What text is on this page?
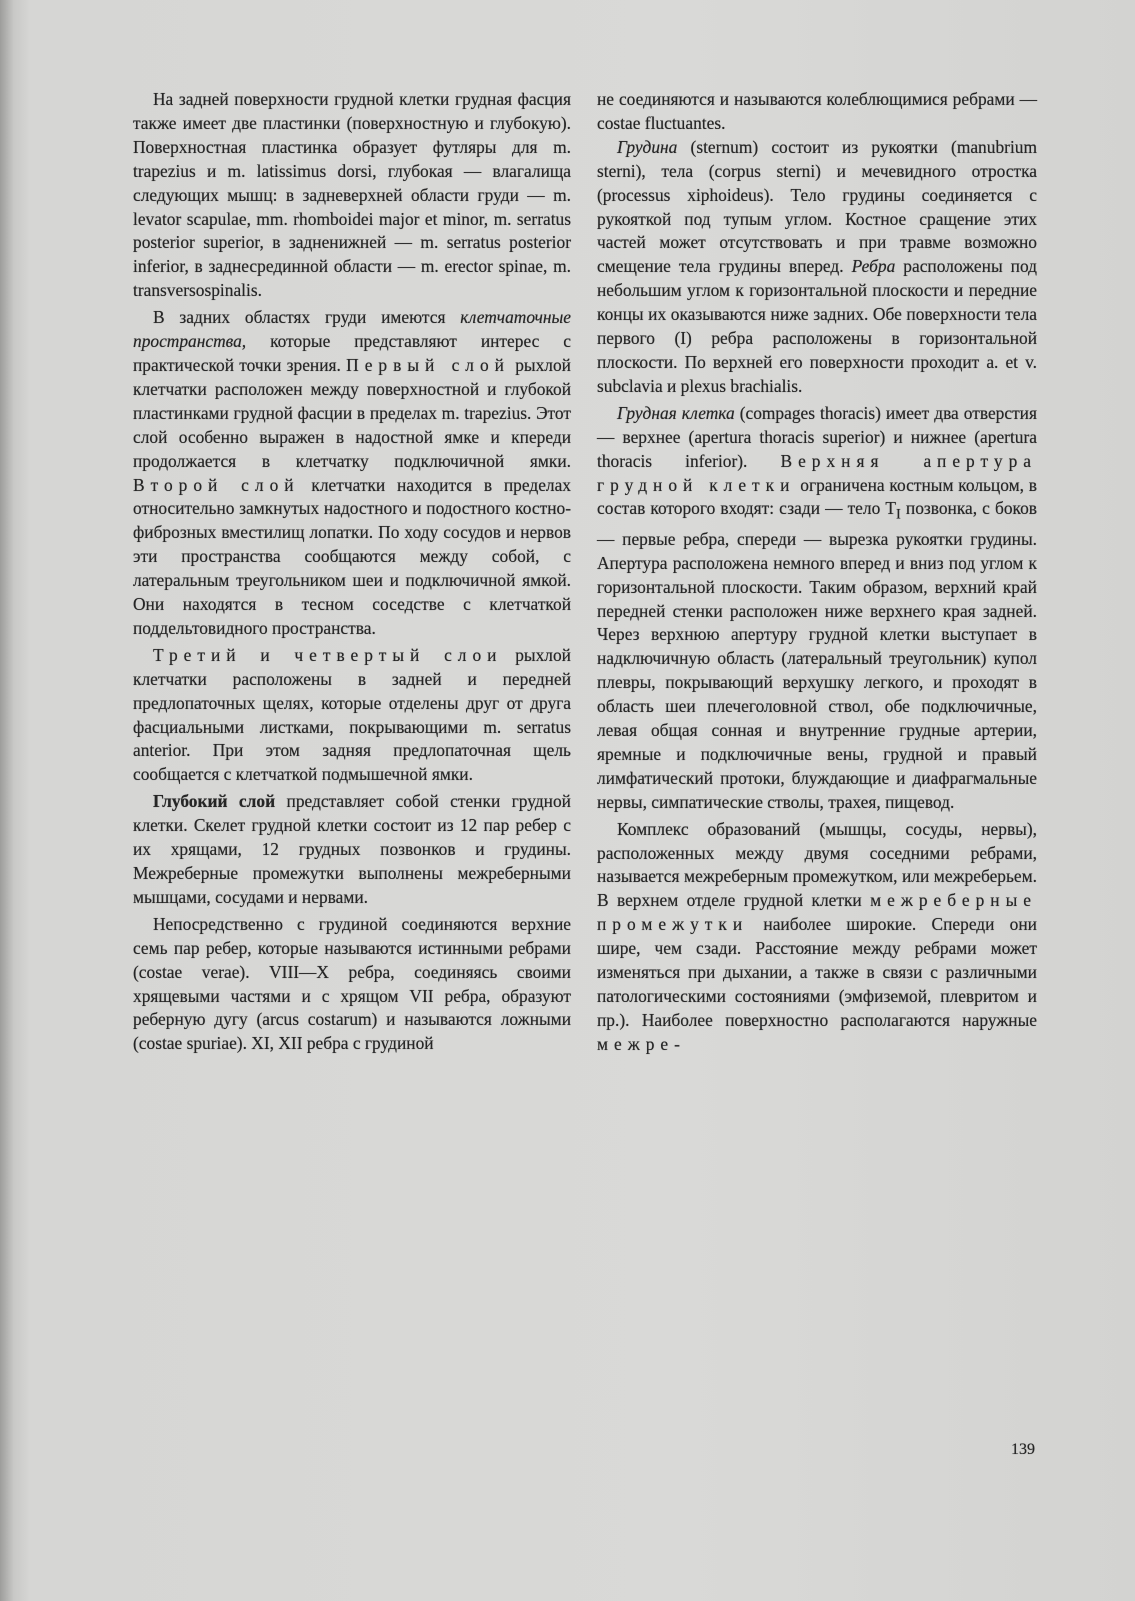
На задней поверхности грудной клетки грудная фасция также имеет две пластинки (поверхностную и глубокую). Поверхностная пластинка образует футляры для m. trapezius и m. latissimus dorsi, глубокая — влагалища следующих мышц: в задневерхней области груди — m. levator scapulae, mm. rhomboidei major et minor, m. serratus posterior superior, в задненижней — m. serratus posterior inferior, в заднесрединной области — m. erector spinae, m. transversospinalis.

В задних областях груди имеются клетчаточные пространства, которые представляют интерес с практической точки зрения. Первый слой рыхлой клетчатки расположен между поверхностной и глубокой пластинками грудной фасции в пределах m. trapezius. Этот слой особенно выражен в надостной ямке и кпереди продолжается в клетчатку подключичной ямки. Второй слой клетчатки находится в пределах относительно замкнутых надостного и подостного костно-фиброзных вместилищ лопатки. По ходу сосудов и нервов эти пространства сообщаются между собой, с латеральным треугольником шеи и подключичной ямкой. Они находятся в тесном соседстве с клетчаткой поддельтовидного пространства.

Третий и четвертый слои рыхлой клетчатки расположены в задней и передней предлопаточных щелях, которые отделены друг от друга фасциальными листками, покрывающими m. serratus anterior. При этом задняя предлопаточная щель сообщается с клетчаткой подмышечной ямки.

Глубокий слой представляет собой стенки грудной клетки. Скелет грудной клетки состоит из 12 пар ребер с их хрящами, 12 грудных позвонков и грудины. Межреберные промежутки выполнены межреберными мышцами, сосудами и нервами.

Непосредственно с грудиной соединяются верхние семь пар ребер, которые называются истинными ребрами (costae verae). VIII—X ребра, соединяясь своими хрящевыми частями и с хрящом VII ребра, образуют реберную дугу (arcus costarum) и называются ложными (costae spuriae). XI, XII ребра с грудиной

не соединяются и называются колеблющимися ребрами — costae fluctuantes.

Грудина (sternum) состоит из рукоятки (manubrium sterni), тела (corpus sterni) и мечевидного отростка (processus xiphoideus). Тело грудины соединяется с рукояткой под тупым углом. Костное сращение этих частей может отсутствовать и при травме возможно смещение тела грудины вперед. Ребра расположены под небольшим углом к горизонтальной плоскости и передние концы их оказываются ниже задних. Обе поверхности тела первого (I) ребра расположены в горизонтальной плоскости. По верхней его поверхности проходит a. et v. subclavia и plexus brachialis.

Грудная клетка (compages thoracis) имеет два отверстия — верхнее (apertura thoracis superior) и нижнее (apertura thoracis inferior). Верхняя апертура грудной клетки ограничена костным кольцом, в состав которого входят: сзади — тело $T_I$ позвонка, с боков — первые ребра, спереди — вырезка рукоятки грудины. Апертура расположена немного вперед и вниз под углом к горизонтальной плоскости. Таким образом, верхний край передней стенки расположен ниже верхнего края задней. Через верхнюю апертуру грудной клетки выступает в надключичную область (латеральный треугольник) купол плевры, покрывающий верхушку легкого, и проходят в область шеи плечеголовной ствол, обе подключичные, левая общая сонная и внутренние грудные артерии, яремные и подключичные вены, грудной и правый лимфатический протоки, блуждающие и диафрагмальные нервы, симпатические стволы, трахея, пищевод.

Комплекс образований (мышцы, сосуды, нервы), расположенных между двумя соседними ребрами, называется межреберным промежутком, или межреберьем. В верхнем отделе грудной клетки межреберные промежутки наиболее широкие. Спереди они шире, чем сзади. Расстояние между ребрами может изменяться при дыхании, а также в связи с различными патологическими состояниями (эмфиземой, плевритом и пр.). Наиболее поверхностно располагаются наружные межре-

139
